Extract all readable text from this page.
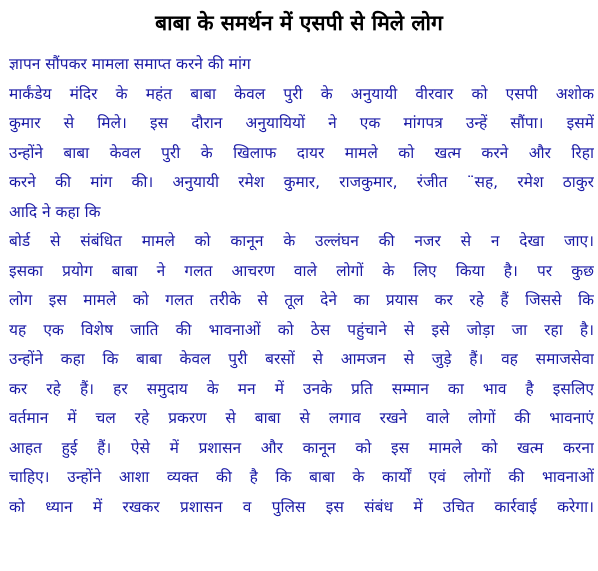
बाबा के समर्थन में एसपी से मिले लोग
ज्ञापन सौंपकर मामला समाप्त करने की मांग
मार्कंडेय मंदिर के महंत बाबा केवल पुरी के अनुयायी वीरवार को एसपी अशोक
कुमार से मिले। इस दौरान अनुयायियों ने एक मांगपत्र उन्हें सौंपा। इसमें
उन्होंने बाबा केवल पुरी के खिलाफ दायर मामले को खत्म करने और रिहा
करने की मांग की। अनुयायी रमेश कुमार, राजकुमार, रंजीत ¨सह, रमेश ठाकुर
आदि ने कहा कि
बोर्ड से संबंधित मामले को कानून के उल्लंघन की नजर से न देखा जाए।
इसका प्रयोग बाबा ने गलत आचरण वाले लोगों के लिए किया है। पर कुछ
लोग इस मामले को गलत तरीके से तूल देने का प्रयास कर रहे हैं जिससे कि
यह एक विशेष जाति की भावनाओं को ठेस पहुंचाने से इसे जोड़ा जा रहा है।
उन्होंने कहा कि बाबा केवल पुरी बरसों से आमजन से जुड़े हैं। वह समाजसेवा
कर रहे हैं। हर समुदाय के मन में उनके प्रति सम्मान का भाव है इसलिए
वर्तमान में चल रहे प्रकरण से बाबा से लगाव रखने वाले लोगों की भावनाएं
आहत हुई हैं। ऐसे में प्रशासन और कानून को इस मामले को खत्म करना
चाहिए। उन्होंने आशा व्यक्त की है कि बाबा के कार्यों एवं लोगों की भावनाओं
को ध्यान में रखकर प्रशासन व पुलिस इस संबंध में उचित कार्रवाई करेगा।
